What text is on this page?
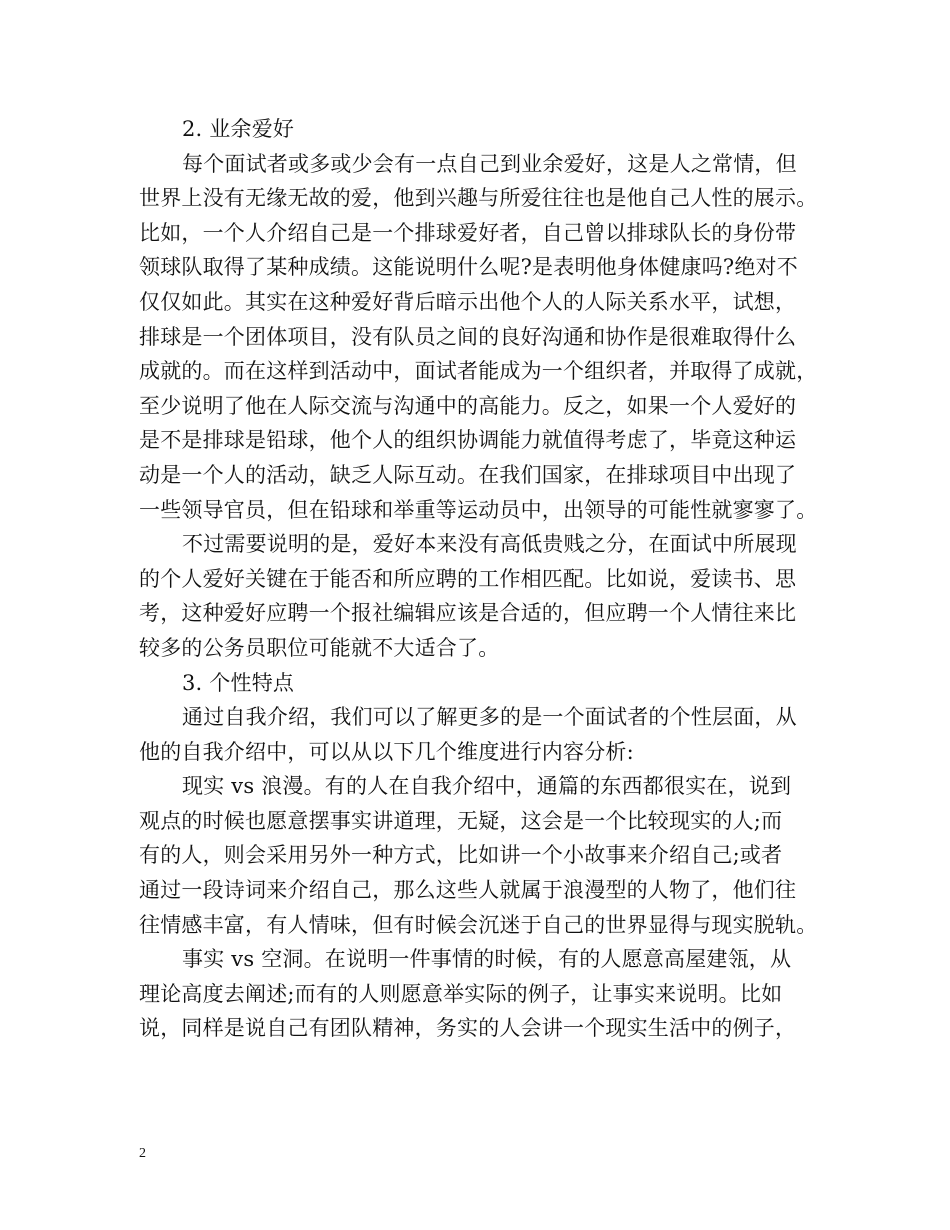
2. 业余爱好
每个面试者或多或少会有一点自己到业余爱好，这是人之常情，但
世界上没有无缘无故的爱，他到兴趣与所爱往往也是他自己人性的展示。
比如，一个人介绍自己是一个排球爱好者，自己曾以排球队长的身份带
领球队取得了某种成绩。这能说明什么呢?是表明他身体健康吗?绝对不
仅仅如此。其实在这种爱好背后暗示出他个人的人际关系水平，试想，
排球是一个团体项目，没有队员之间的良好沟通和协作是很难取得什么
成就的。而在这样到活动中，面试者能成为一个组织者，并取得了成就，
至少说明了他在人际交流与沟通中的高能力。反之，如果一个人爱好的
是不是排球是铅球，他个人的组织协调能力就值得考虑了，毕竟这种运
动是一个人的活动，缺乏人际互动。在我们国家，在排球项目中出现了
一些领导官员，但在铅球和举重等运动员中，出领导的可能性就寥寥了。
不过需要说明的是，爱好本来没有高低贵贱之分，在面试中所展现
的个人爱好关键在于能否和所应聘的工作相匹配。比如说，爱读书、思
考，这种爱好应聘一个报社编辑应该是合适的，但应聘一个人情往来比
较多的公务员职位可能就不大适合了。
3. 个性特点
通过自我介绍，我们可以了解更多的是一个面试者的个性层面，从
他的自我介绍中，可以从以下几个维度进行内容分析:
现实 vs 浪漫。有的人在自我介绍中，通篇的东西都很实在，说到
观点的时候也愿意摆事实讲道理，无疑，这会是一个比较现实的人;而
有的人，则会采用另外一种方式，比如讲一个小故事来介绍自己;或者
通过一段诗词来介绍自己，那么这些人就属于浪漫型的人物了，他们往
往情感丰富，有人情味，但有时候会沉迷于自己的世界显得与现实脱轨。
事实 vs 空洞。在说明一件事情的时候，有的人愿意高屋建瓴，从
理论高度去阐述;而有的人则愿意举实际的例子，让事实来说明。比如
说，同样是说自己有团队精神，务实的人会讲一个现实生活中的例子，
2
